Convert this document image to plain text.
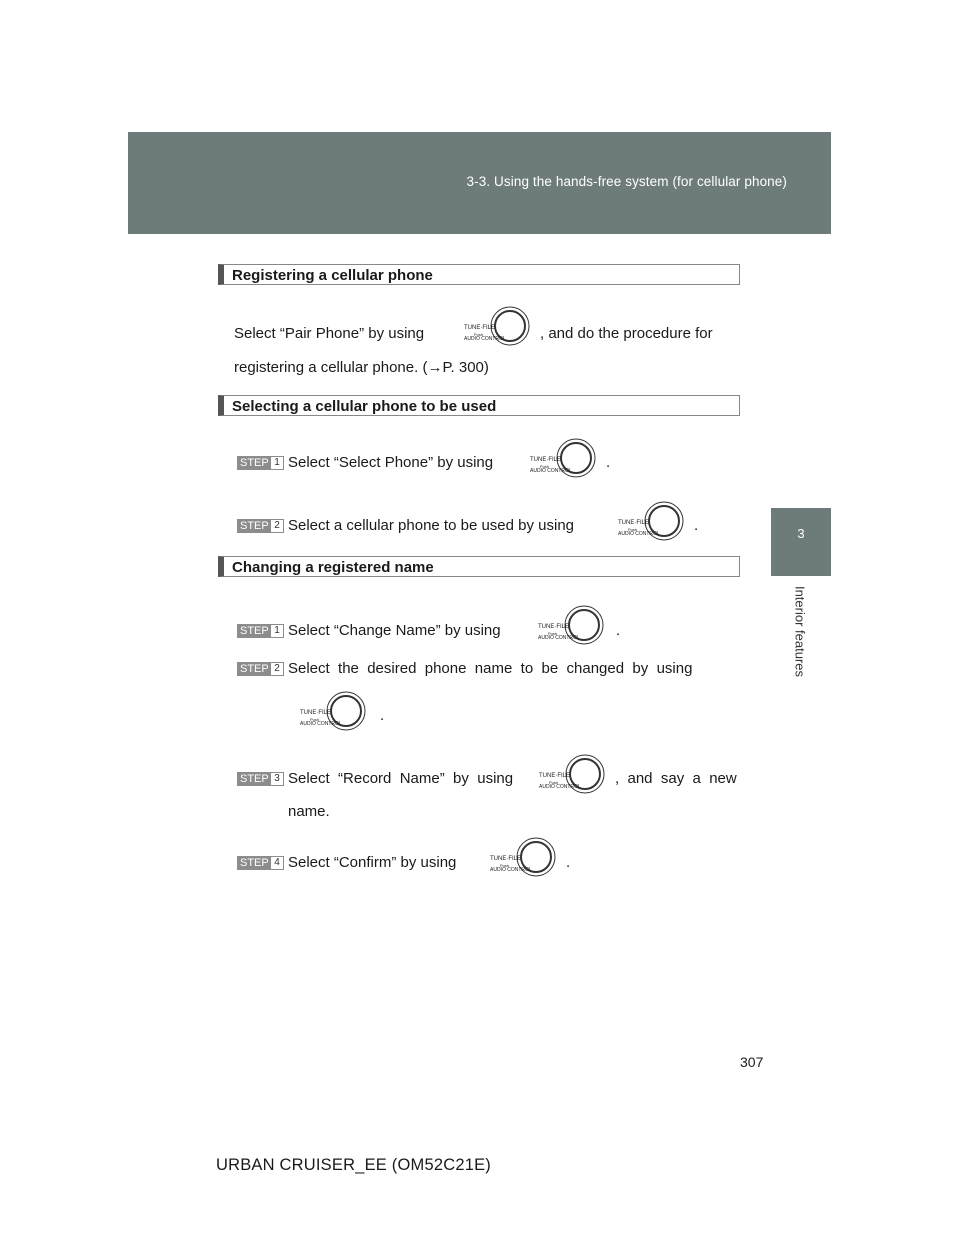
3-3. Using the hands-free system (for cellular phone)
3
Interior features
Registering a cellular phone
Select “Pair Phone” by using	TUNE·FILE
Push
AUDIO CONTROL , and do the procedure for
registering a cellular phone. (→P. 300)
Selecting a cellular phone to be used
STEP 1 Select “Select Phone” by using	TUNE·FILE
Push
AUDIO CONTROL .
STEP 2 Select a cellular phone to be used by using	TUNE·FILE
Push
AUDIO CONTROL .
Changing a registered name
STEP 1 Select “Change Name” by using	TUNE·FILE
Push
AUDIO CONTROL .
STEP 2 Select  the  desired  phone  name  to  be  changed  by  using
TUNE·FILE
Push
AUDIO CONTROL	.
STEP 3 Select  “Record  Name”  by  using	TUNE·FILE
Push
AUDIO CONTROL ,  and  say  a  new
name.
STEP 4 Select “Confirm” by using	TUNE·FILE
Push
AUDIO CONTROL .
307
URBAN CRUISER_EE (OM52C21E)
